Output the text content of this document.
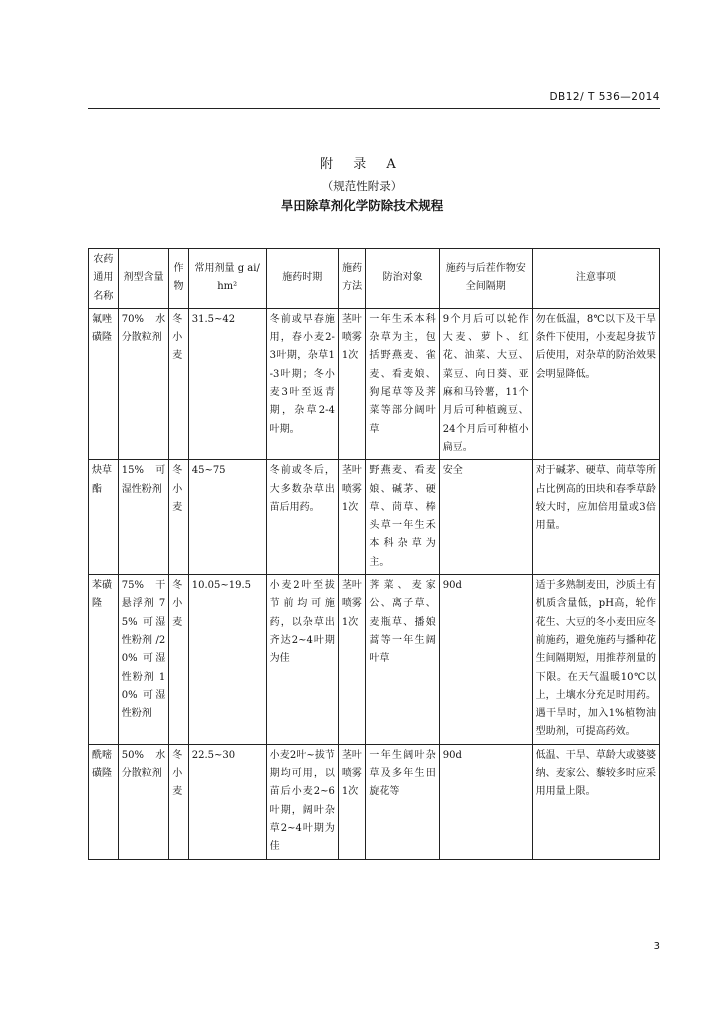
DB12/ T 536—2014
附 录 A
（规范性附录）
旱田除草剂化学防除技术规程
农药通用名称	剂型含量	作物	常用剂量 g ai/hm²	施药时期	施药方法	防治对象	施药与后茬作物安全间隔期	注意事项
氟唑磺隆	70% 水分散粒剂	冬小麦	31.5~42	冬前或早春施用，春小麦2-3叶期，杂草1-3叶期；冬小麦3叶至返青期，杂草2-4叶期。	茎叶喷雾1次	一年生禾本科杂草为主，包括野燕麦、雀麦、看麦娘、狗尾草等及荠菜等部分阔叶草	9个月后可以轮作大麦、萝卜、红花、油菜、大豆、菜豆、向日葵、亚麻和马铃薯，11个月后可种植豌豆、24个月后可种植小扁豆。	勿在低温，8℃以下及干旱条件下使用，小麦起身拔节后使用，对杂草的防治效果会明显降低。
炔草酯	15% 可湿性粉剂	冬小麦	45~75	冬前或冬后，大多数杂草出苗后用药。	茎叶喷雾1次	野燕麦、看麦娘、碱茅、硬草、茼草、棒头草一年生禾本科杂草为主。	安全	对于碱茅、硬草、茼草等所占比例高的田块和春季草龄较大时，应加倍用量或3倍用量。
苯磺隆	75% 干悬浮剂 75% 可湿性粉剂 /20% 可湿性粉剂 10% 可湿性粉剂	冬小麦	10.05~19.5	小麦2叶至拔节前均可施药，以杂草出齐达2~4叶期为佳	茎叶喷雾1次	荠菜、麦家公、离子草、麦瓶草、播娘蒿等一年生阔叶草	90d	适于多熟制麦田，沙质土有机质含量低，pH高，轮作花生、大豆的冬小麦田应冬前施药，避免施药与播种花生间隔期短，用推荐剂量的下限。在天气温暖10℃以上，土壤水分充足时用药。遇干旱时，加入1%植物油型助剂，可提高药效。
酰嘧磺隆	50% 水分散粒剂	冬小麦	22.5~30	小麦2叶~拔节期均可用，以苗后小麦2~6叶期，阔叶杂草2~4叶期为佳	茎叶喷雾1次	一年生阔叶杂草及多年生田旋花等	90d	低温、干旱、草龄大或婆婆纳、麦家公、藜较多时应采用用量上限。
3
